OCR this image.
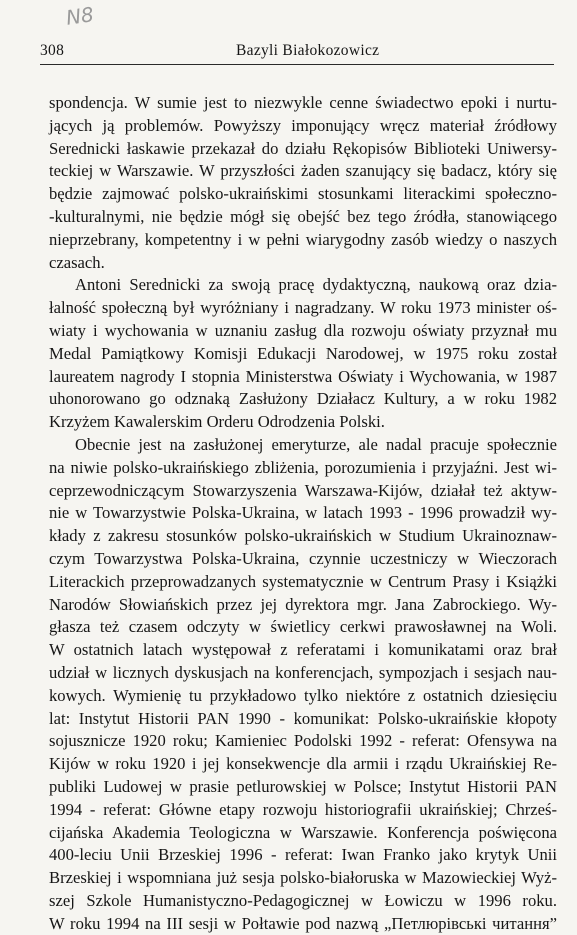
N8
308	Bazyli Białokozowicz
spondencja. W sumie jest to niezwykle cenne świadectwo epoki i nurtu-
jących ją problemów. Powyższy imponujący wręcz materiał źródłowy
Serednicki łaskawie przekazał do działu Rękopisów Biblioteki Uniwersy-
teckiej w Warszawie. W przyszłości żaden szanujący się badacz, który się
będzie zajmować polsko-ukraińskimi stosunkami literackimi społeczno-
-kulturalnymi, nie będzie mógł się obejść bez tego źródła, stanowiącego
nieprzebrany, kompetentny i w pełni wiarygodny zasób wiedzy o naszych
czasach.
Antoni Serednicki za swoją pracę dydaktyczną, naukową oraz dzia-
łalność społeczną był wyróżniany i nagradzany. W roku 1973 minister oś-
wiaty i wychowania w uznaniu zasług dla rozwoju oświaty przyznał mu
Medal Pamiątkowy Komisji Edukacji Narodowej, w 1975 roku został
laureatem nagrody I stopnia Ministerstwa Oświaty i Wychowania, w 1987
uhonorowano go odznaką Zasłużony Działacz Kultury, a w roku 1982
Krzyżem Kawalerskim Orderu Odrodzenia Polski.
Obecnie jest na zasłużonej emeryturze, ale nadal pracuje społecznie
na niwie polsko-ukraińskiego zbliżenia, porozumienia i przyjaźni. Jest wi-
ceprzewodniczącym Stowarzyszenia Warszawa-Kijów, działał też aktyw-
nie w Towarzystwie Polska-Ukraina, w latach 1993 - 1996 prowadził wy-
kłady z zakresu stosunków polsko-ukraińskich w Studium Ukrainoznaw-
czym Towarzystwa Polska-Ukraina, czynnie uczestniczy w Wieczorach
Literackich przeprowadzanych systematycznie w Centrum Prasy i Książki
Narodów Słowiańskich przez jej dyrektora mgr. Jana Zabrockiego. Wy-
głasza też czasem odczyty w świetlicy cerkwi prawosławnej na Woli.
W ostatnich latach występował z referatami i komunikatami oraz brał
udział w licznych dyskusjach na konferencjach, sympozjach i sesjach nau-
kowych. Wymienię tu przykładowo tylko niektóre z ostatnich dziesięciu
lat: Instytut Historii PAN 1990 - komunikat: Polsko-ukraińskie kłopoty
sojusznicze 1920 roku; Kamieniec Podolski 1992 - referat: Ofensywa na
Kijów w roku 1920 i jej konsekwencje dla armii i rządu Ukraińskiej Re-
publiki Ludowej w prasie petlurowskiej w Polsce; Instytut Historii PAN
1994 - referat: Główne etapy rozwoju historiografii ukraińskiej; Chrześ-
cijańska Akademia Teologiczna w Warszawie. Konferencja poświęcona
400-leciu Unii Brzeskiej 1996 - referat: Iwan Franko jako krytyk Unii
Brzeskiej i wspomniana już sesja polsko-białoruska w Mazowieckiej Wyż-
szej Szkole Humanistyczno-Pedagogicznej w Łowiczu w 1996 roku.
W roku 1994 na III sesji w Połtawie pod nazwą „Петлюрівські читання”
